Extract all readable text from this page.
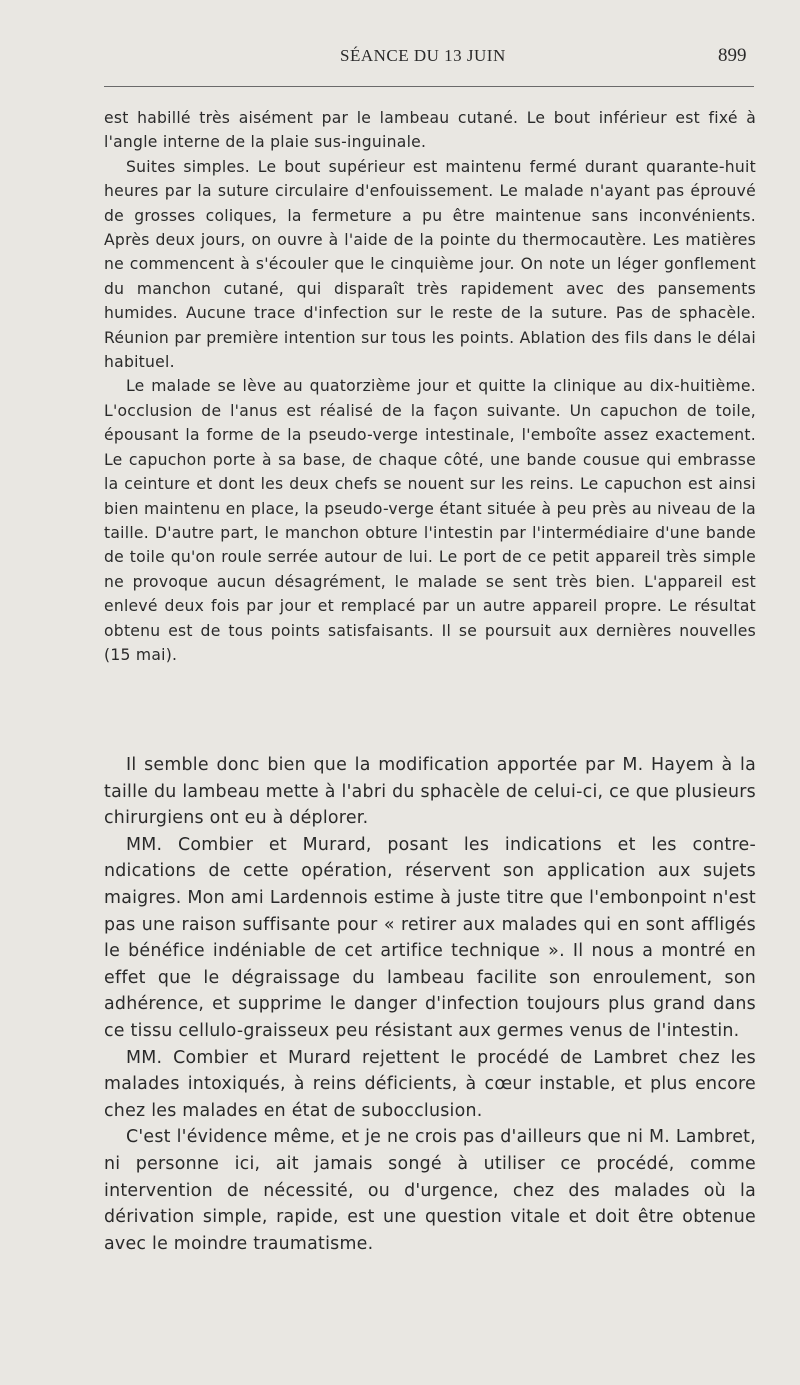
SÉANCE DU 13 JUIN	899

est habillé très aisément par le lambeau cutané. Le bout inférieur est fixé à l'angle interne de la plaie sus-inguinale.

Suites simples. Le bout supérieur est maintenu fermé durant quarante-huit heures par la suture circulaire d'enfouissement. Le malade n'ayant pas éprouvé de grosses coliques, la fermeture a pu être maintenue sans inconvénients. Après deux jours, on ouvre à l'aide de la pointe du thermocautère. Les matières ne commencent à s'écouler que le cinquième jour. On note un léger gonflement du manchon cutané, qui disparaît très rapidement avec des pansements humides. Aucune trace d'infection sur le reste de la suture. Pas de sphacèle. Réunion par première intention sur tous les points. Ablation des fils dans le délai habituel.

Le malade se lève au quatorzième jour et quitte la clinique au dix-huitième. L'occlusion de l'anus est réalisé de la façon suivante. Un capuchon de toile, épousant la forme de la pseudo-verge intestinale, l'emboîte assez exactement. Le capuchon porte à sa base, de chaque côté, une bande cousue qui embrasse la ceinture et dont les deux chefs se nouent sur les reins. Le capuchon est ainsi bien maintenu en place, la pseudo-verge étant située à peu près au niveau de la taille. D'autre part, le manchon obture l'intestin par l'intermédiaire d'une bande de toile qu'on roule serrée autour de lui. Le port de ce petit appareil très simple ne provoque aucun désagrément, le malade se sent très bien. L'appareil est enlevé deux fois par jour et remplacé par un autre appareil propre. Le résultat obtenu est de tous points satisfaisants. Il se poursuit aux dernières nouvelles (15 mai).

Il semble donc bien que la modification apportée par M. Hayem à la taille du lambeau mette à l'abri du sphacèle de celui-ci, ce que plusieurs chirurgiens ont eu à déplorer.

MM. Combier et Murard, posant les indications et les contre-ndications de cette opération, réservent son application aux sujets maigres. Mon ami Lardennois estime à juste titre que l'embonpoint n'est pas une raison suffisante pour « retirer aux malades qui en sont affligés le bénéfice indéniable de cet artifice technique ». Il nous a montré en effet que le dégraissage du lambeau facilite son enroulement, son adhérence, et supprime le danger d'infection toujours plus grand dans ce tissu cellulo-graisseux peu résistant aux germes venus de l'intestin.

MM. Combier et Murard rejettent le procédé de Lambret chez les malades intoxiqués, à reins déficients, à cœur instable, et plus encore chez les malades en état de subocclusion.

C'est l'évidence même, et je ne crois pas d'ailleurs que ni M. Lambret, ni personne ici, ait jamais songé à utiliser ce procédé, comme intervention de nécessité, ou d'urgence, chez des malades où la dérivation simple, rapide, est une question vitale et doit être obtenue avec le moindre traumatisme.
